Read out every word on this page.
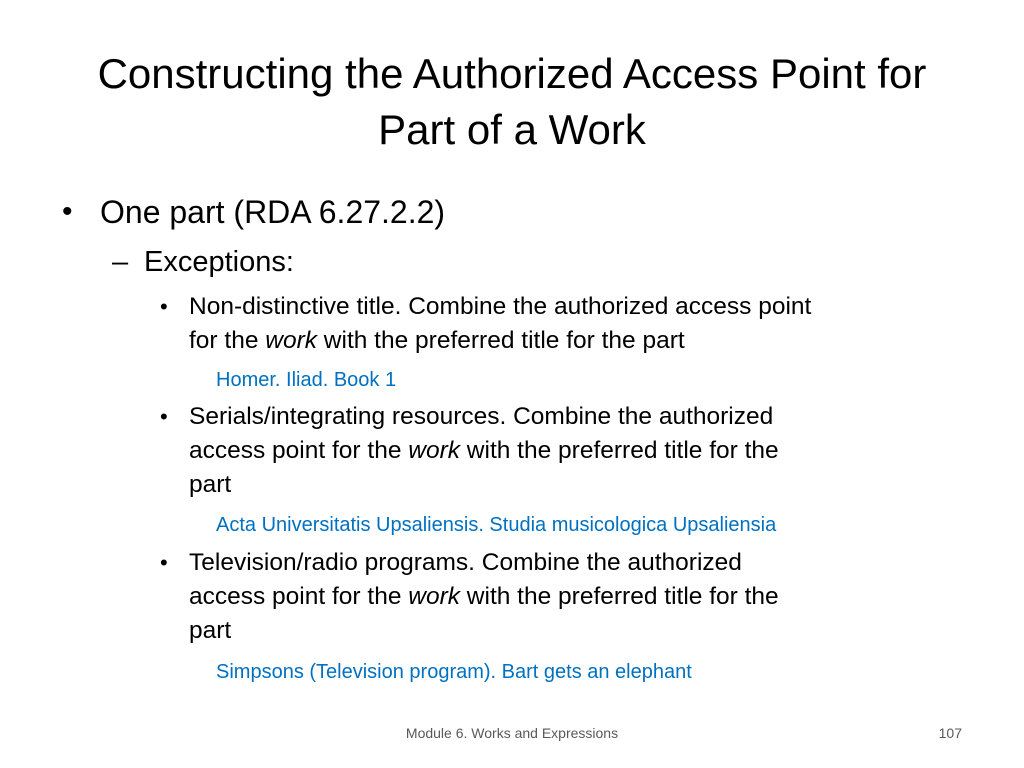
Constructing the Authorized Access Point for
Part of a Work
• One part (RDA 6.27.2.2)
– Exceptions:
• Non-distinctive title. Combine the authorized access point
for the work with the preferred title for the part
Homer. Iliad. Book 1
• Serials/integrating resources. Combine the authorized
access point for the work with the preferred title for the
part
Acta Universitatis Upsaliensis. Studia musicologica Upsaliensia
• Television/radio programs. Combine the authorized
access point for the work with the preferred title for the
part
Simpsons (Television program). Bart gets an elephant
Module 6. Works and Expressions	107
